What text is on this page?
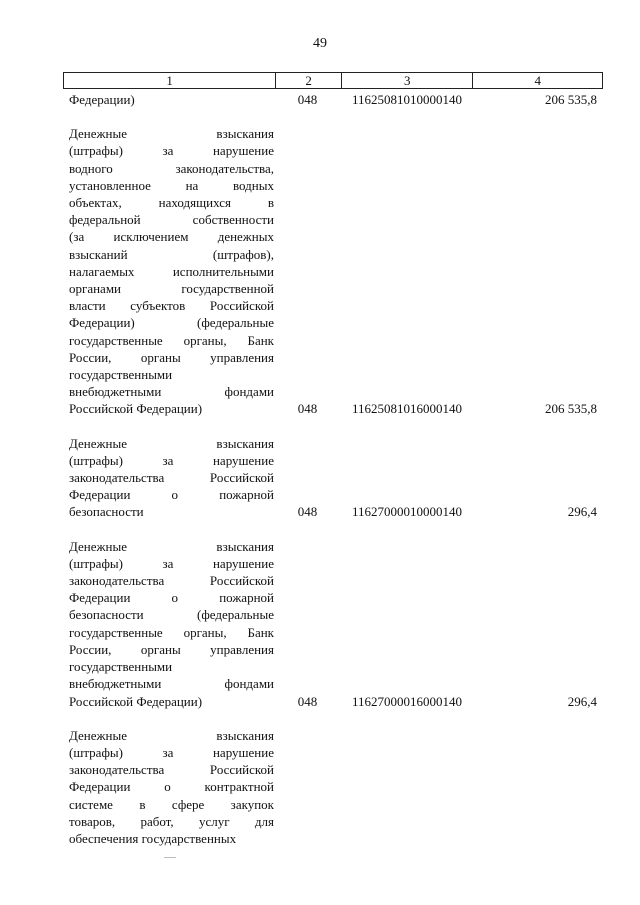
49
1	2	3	4
Федерации)	048	11625081010000140	206 535,8
Денежные взыскания
(штрафы) за нарушение
водного законодательства,
установленное на водных
объектах, находящихся в
федеральной собственности
(за исключением денежных
взысканий (штрафов),
налагаемых исполнительными
органами государственной
власти субъектов Российской
Федерации) (федеральные
государственные органы, Банк
России, органы управления
государственными
внебюджетными фондами
Российской Федерации)	048	11625081016000140	206 535,8
Денежные взыскания
(штрафы) за нарушение
законодательства Российской
Федерации о пожарной
безопасности	048	11627000010000140	296,4
Денежные взыскания
(штрафы) за нарушение
законодательства Российской
Федерации о пожарной
безопасности (федеральные
государственные органы, Банк
России, органы управления
государственными
внебюджетными фондами
Российской Федерации)	048	11627000016000140	296,4
Денежные взыскания
(штрафы) за нарушение
законодательства Российской
Федерации о контрактной
системе в сфере закупок
товаров, работ, услуг для
обеспечения государственных
